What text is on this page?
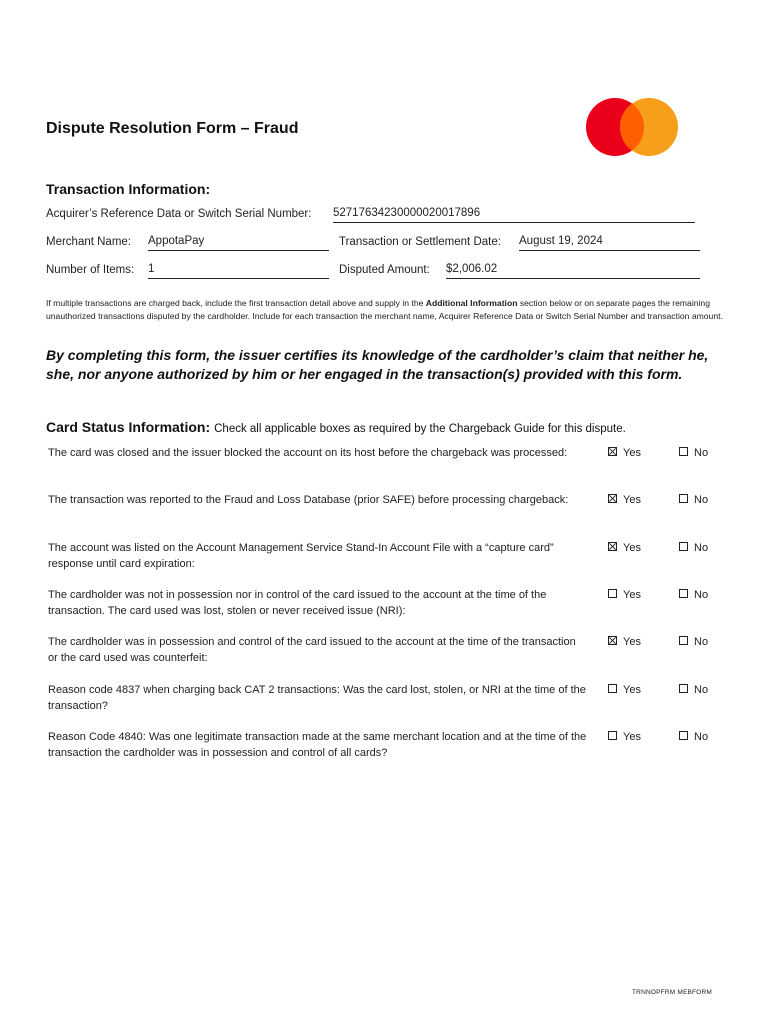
Dispute Resolution Form – Fraud
Transaction Information:
Acquirer’s Reference Data or Switch Serial Number: 52717634230000020017896
Merchant Name: AppotaPay	Transaction or Settlement Date: August 19, 2024
Number of Items: 1	Disputed Amount: $2,006.02
If multiple transactions are charged back, include the first transaction detail above and supply in the Additional Information section below or on separate pages the remaining unauthorized transactions disputed by the cardholder. Include for each transaction the merchant name, Acquirer Reference Data or Switch Serial Number and transaction amount.
By completing this form, the issuer certifies its knowledge of the cardholder’s claim that neither he, she, nor anyone authorized by him or her engaged in the transaction(s) provided with this form.
Card Status Information: Check all applicable boxes as required by the Chargeback Guide for this dispute.
The card was closed and the issuer blocked the account on its host before the chargeback was processed:	Yes	No
The transaction was reported to the Fraud and Loss Database (prior SAFE) before processing chargeback:	Yes	No
The account was listed on the Account Management Service Stand-In Account File with a “capture card” response until card expiration:
Yes	No
The cardholder was not in possession nor in control of the card issued to the account at the time of the transaction. The card used was lost, stolen or never received issue (NRI):
Yes	No
The cardholder was in possession and control of the card issued to the account at the time of the transaction or the card used was counterfeit:
Yes	No
Reason code 4837 when charging back CAT 2 transactions: Was the card lost, stolen, or NRI at the time of the transaction?
Yes	No
Reason Code 4840: Was one legitimate transaction made at the same merchant location and at the time of the transaction the cardholder was in possession and control of all cards?
Yes	No
TRNNOPFRM MEBFORM
